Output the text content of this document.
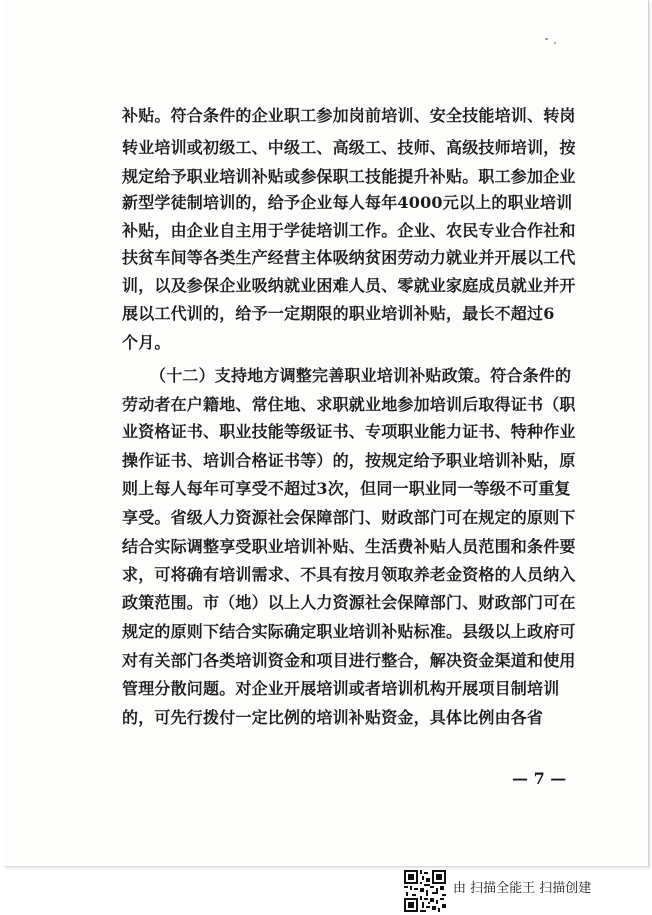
补贴。符合条件的企业职工参加岗前培训、安全技能培训、转岗
转业培训或初级工、中级工、高级工、技师、高级技师培训，按
规定给予职业培训补贴或参保职工技能提升补贴。职工参加企业
新型学徒制培训的，给予企业每人每年4000元以上的职业培训
补贴，由企业自主用于学徒培训工作。企业、农民专业合作社和
扶贫车间等各类生产经营主体吸纳贫困劳动力就业并开展以工代
训，以及参保企业吸纳就业困难人员、零就业家庭成员就业并开
展以工代训的，给予一定期限的职业培训补贴，最长不超过6
个月。
（十二）支持地方调整完善职业培训补贴政策。符合条件的
劳动者在户籍地、常住地、求职就业地参加培训后取得证书（职
业资格证书、职业技能等级证书、专项职业能力证书、特种作业
操作证书、培训合格证书等）的，按规定给予职业培训补贴，原
则上每人每年可享受不超过3次，但同一职业同一等级不可重复
享受。省级人力资源社会保障部门、财政部门可在规定的原则下
结合实际调整享受职业培训补贴、生活费补贴人员范围和条件要
求，可将确有培训需求、不具有按月领取养老金资格的人员纳入
政策范围。市（地）以上人力资源社会保障部门、财政部门可在
规定的原则下结合实际确定职业培训补贴标准。县级以上政府可
对有关部门各类培训资金和项目进行整合，解决资金渠道和使用
管理分散问题。对企业开展培训或者培训机构开展项目制培训
的，可先行拨付一定比例的培训补贴资金，具体比例由各省
— 7 —
由 扫描全能王 扫描创建
